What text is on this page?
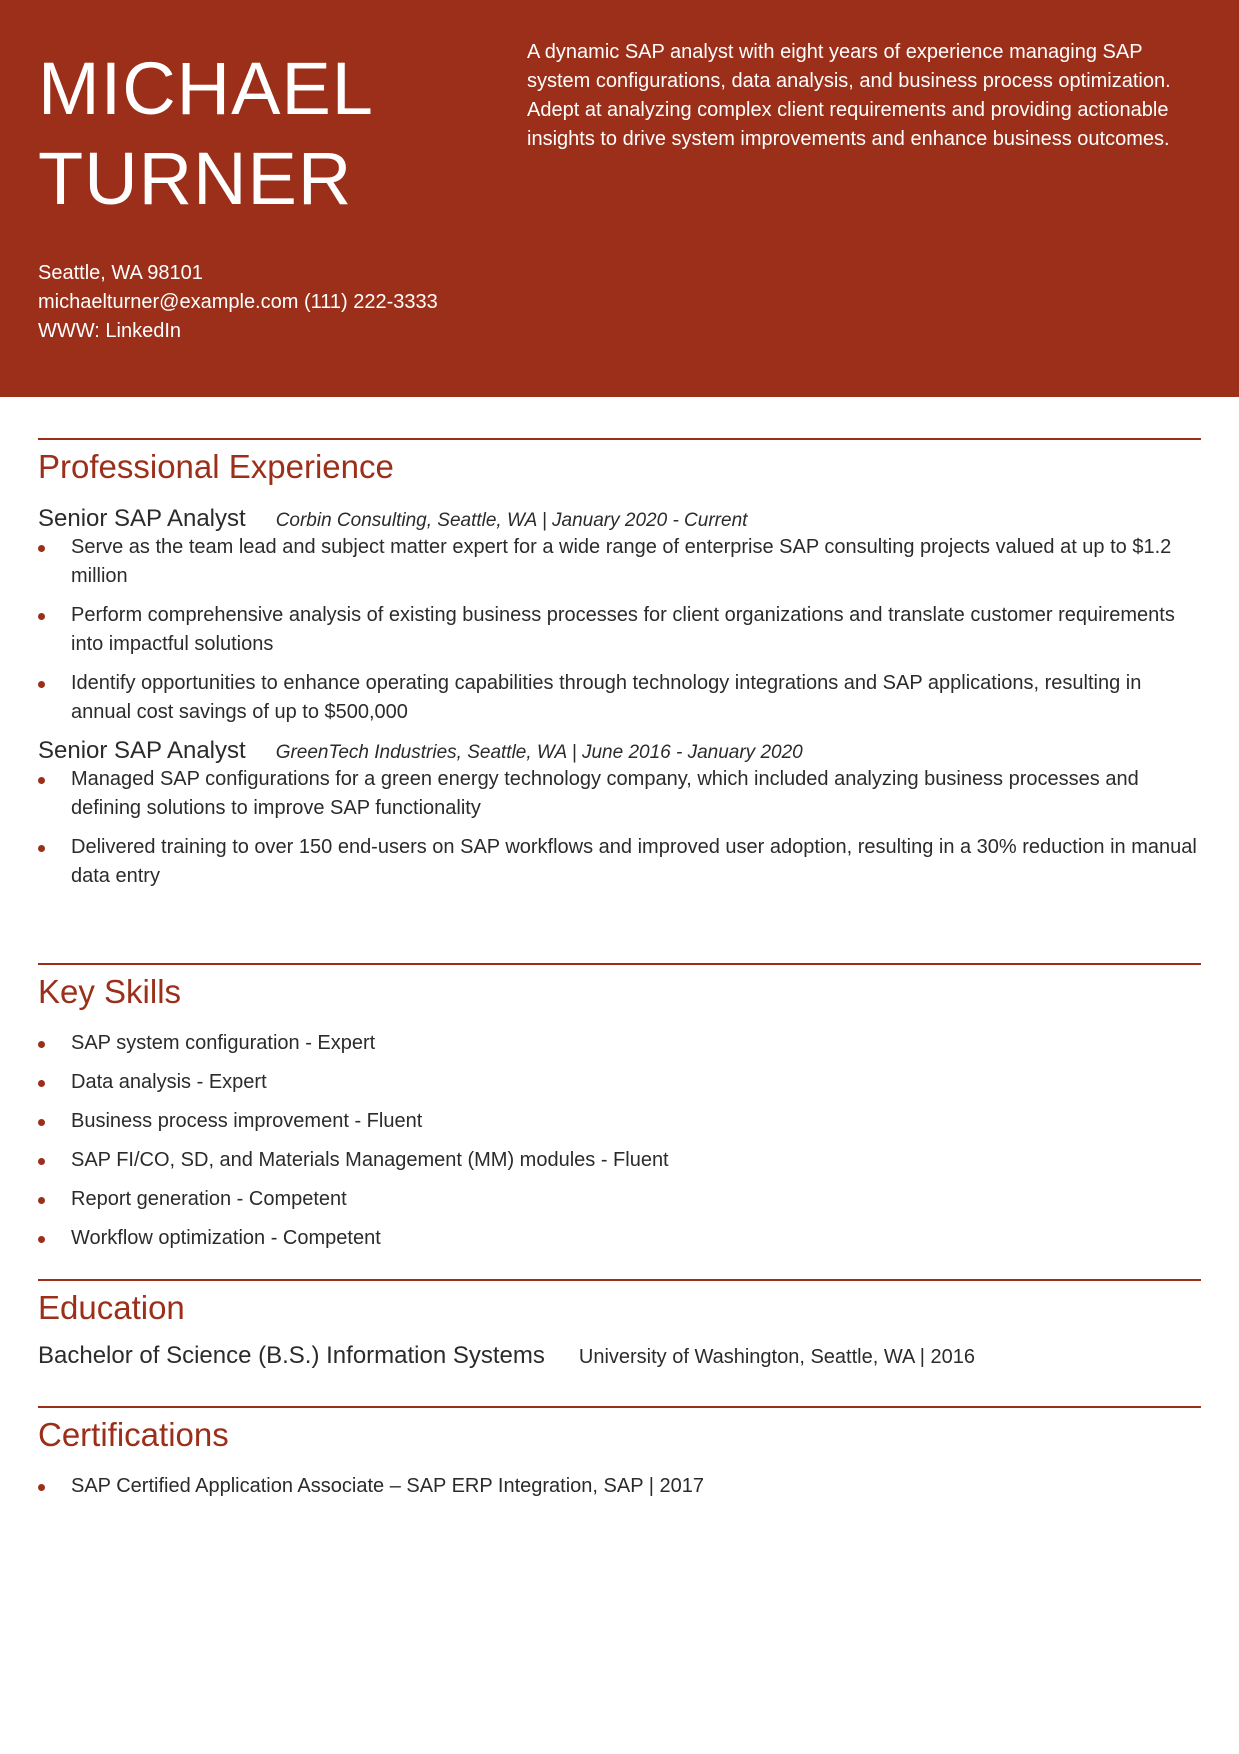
MICHAEL
TURNER
A dynamic SAP analyst with eight years of experience managing SAP system configurations, data analysis, and business process optimization. Adept at analyzing complex client requirements and providing actionable insights to drive system improvements and enhance business outcomes.
Seattle, WA 98101
michaelturner@example.com (111) 222-3333
WWW: LinkedIn
Professional Experience
Senior SAP Analyst Corbin Consulting, Seattle, WA | January 2020 - Current
Serve as the team lead and subject matter expert for a wide range of enterprise SAP consulting projects valued at up to $1.2 million
Perform comprehensive analysis of existing business processes for client organizations and translate customer requirements into impactful solutions
Identify opportunities to enhance operating capabilities through technology integrations and SAP applications, resulting in annual cost savings of up to $500,000
Senior SAP Analyst GreenTech Industries, Seattle, WA | June 2016 - January 2020
Managed SAP configurations for a green energy technology company, which included analyzing business processes and defining solutions to improve SAP functionality
Delivered training to over 150 end-users on SAP workflows and improved user adoption, resulting in a 30% reduction in manual data entry
Key Skills
SAP system configuration - Expert
Data analysis - Expert
Business process improvement - Fluent
SAP FI/CO, SD, and Materials Management (MM) modules - Fluent
Report generation - Competent
Workflow optimization - Competent
Education
Bachelor of Science (B.S.) Information Systems University of Washington, Seattle, WA | 2016
Certifications
SAP Certified Application Associate – SAP ERP Integration, SAP | 2017
